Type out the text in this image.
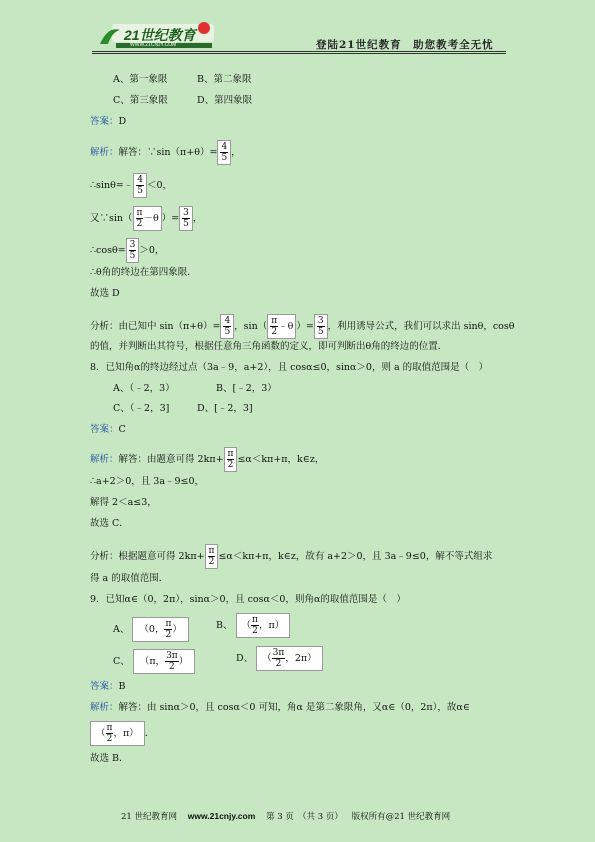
21世纪教育
WWW.21CNJY.COM	登陆21世纪教育　助您教考全无忧
A、第一象限	B、第二象限
C、第三象限	D、第四象限
答案：D
解析：解答：∵sin（π+θ）= $\frac{4}{5}$ ，
∴sinθ=﹣ $\frac{4}{5} <0$，
又∵sin（ $\frac{\pi}{2} -\theta$ ）= $\frac{3}{5}$ ，
∴cosθ= $\frac{3}{5} >0$，
∴θ角的终边在第四象限．
故选 D
分析：由已知中 $\sin(\pi+\theta)= \frac{4}{5}$ ，$\sin( \frac{\pi}{2}$ ﹣θ ）= $\frac{3}{5}$ ，利用诱导公式，我们可以求出 sinθ，cosθ
的值，并判断出其符号，根据任意角三角函数的定义，即可判断出θ角的终边的位置．
8．已知角α的终边经过点（3a﹣9，a+2），且 cosα≤0，sinα＞0，则 a 的取值范围是（　）
A、（﹣2，3）	B、[﹣2，3）
C、（﹣2，3]	D、[﹣2，3]
答案：C
解析：解答：由题意可得 $2k\pi+ \frac{\pi}{2} \le\alpha<k\pi+\pi$，k∈z，
∴a+2＞0，且 3a﹣9≤0，
解得 2＜a≤3，
故选 C．
分析：根据题意可得 $2k\pi+ \frac{\pi}{2} \le\alpha<k\pi+\pi$，k∈z，故有 a+2＞0，且 3a﹣9≤0，解不等式组求
得 a 的取值范围．
9．已知α∈（0，2π），sinα＞0，且 cosα＜0，则角α的取值范围是（　）
A、 （0， $\frac{\pi}{2}$ ）	B、 （ $\frac{\pi}{2}$ ，π）
C、 （π， $\frac{3\pi}{2}$ ）	D、 （ $\frac{3\pi}{2}$ ，2π）
答案：B
解析：解答：由 sinα＞0，且 cosα＜0 可知，角α 是第二象限角，又α∈（0，2π），故α∈
（ $\frac{\pi}{2}$ ，π） ．
故选 B．
21 世纪教育网 www.21cnjy.com 第 3 页　（共 3 页） 版权所有@21 世纪教育网
